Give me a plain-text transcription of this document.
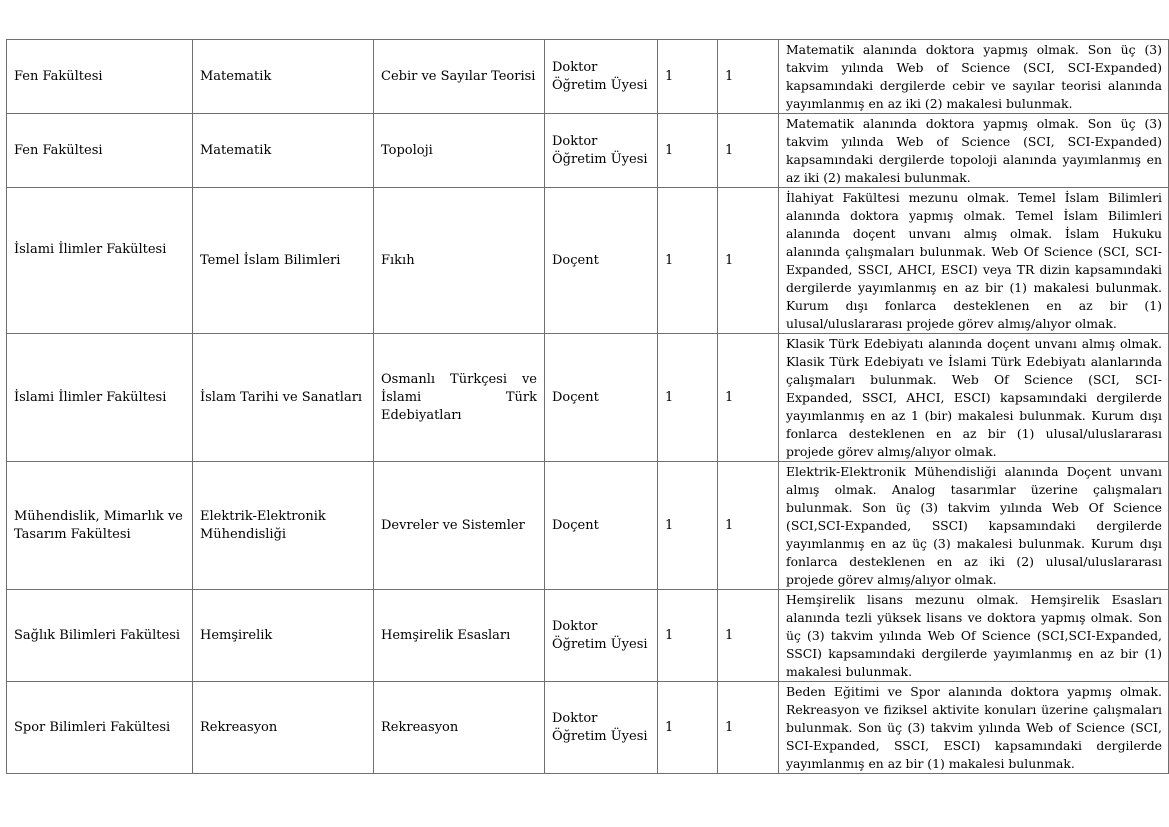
Fen Fakültesi	Matematik	Cebir ve Sayılar Teorisi	Doktor Öğretim Üyesi	1	1	Matematik alanında doktora yapmış olmak. Son üç (3) takvim yılında Web of Science (SCI, SCI-Expanded) kapsamındaki dergilerde cebir ve sayılar teorisi alanında yayımlanmış en az iki (2) makalesi bulunmak.
Fen Fakültesi	Matematik	Topoloji	Doktor Öğretim Üyesi	1	1	Matematik alanında doktora yapmış olmak. Son üç (3) takvim yılında Web of Science (SCI, SCI-Expanded) kapsamındaki dergilerde topoloji alanında yayımlanmış en az iki (2) makalesi bulunmak.
İslami İlimler Fakültesi	Temel İslam Bilimleri	Fıkıh	Doçent	1	1	İlahiyat Fakültesi mezunu olmak. Temel İslam Bilimleri alanında doktora yapmış olmak. Temel İslam Bilimleri alanında doçent unvanı almış olmak. İslam Hukuku alanında çalışmaları bulunmak. Web Of Science (SCI, SCI-Expanded, SSCI, AHCI, ESCI) veya TR dizin kapsamındaki dergilerde yayımlanmış en az bir (1) makalesi bulunmak. Kurum dışı fonlarca desteklenen en az bir (1) ulusal/uluslararası projede görev almış/alıyor olmak.
İslami İlimler Fakültesi	İslam Tarihi ve Sanatları	Osmanlı Türkçesi ve İslami Türk Edebiyatları	Doçent	1	1	Klasik Türk Edebiyatı alanında doçent unvanı almış olmak. Klasik Türk Edebiyatı ve İslami Türk Edebiyatı alanlarında çalışmaları bulunmak. Web Of Science (SCI, SCI- Expanded, SSCI, AHCI, ESCI) kapsamındaki dergilerde yayımlanmış en az 1 (bir) makalesi bulunmak. Kurum dışı fonlarca desteklenen en az bir (1) ulusal/uluslararası projede görev almış/alıyor olmak.
Mühendislik, Mimarlık ve Tasarım Fakültesi	Elektrik-Elektronik Mühendisliği	Devreler ve Sistemler	Doçent	1	1	Elektrik-Elektronik Mühendisliği alanında Doçent unvanı almış olmak. Analog tasarımlar üzerine çalışmaları bulunmak. Son üç (3) takvim yılında Web Of Science (SCI,SCI-Expanded, SSCI) kapsamındaki dergilerde yayımlanmış en az üç (3) makalesi bulunmak. Kurum dışı fonlarca desteklenen en az iki (2) ulusal/uluslararası projede görev almış/alıyor olmak.
Sağlık Bilimleri Fakültesi	Hemşirelik	Hemşirelik Esasları	Doktor Öğretim Üyesi	1	1	Hemşirelik lisans mezunu olmak. Hemşirelik Esasları alanında tezli yüksek lisans ve doktora yapmış olmak. Son üç (3) takvim yılında Web Of Science (SCI,SCI-Expanded, SSCI) kapsamındaki dergilerde yayımlanmış en az bir (1) makalesi bulunmak.
Spor Bilimleri Fakültesi	Rekreasyon	Rekreasyon	Doktor Öğretim Üyesi	1	1	Beden Eğitimi ve Spor alanında doktora yapmış olmak. Rekreasyon ve fiziksel aktivite konuları üzerine çalışmaları bulunmak. Son üç (3) takvim yılında Web of Science (SCI, SCI-Expanded, SSCI, ESCI) kapsamındaki dergilerde yayımlanmış en az bir (1) makalesi bulunmak.
